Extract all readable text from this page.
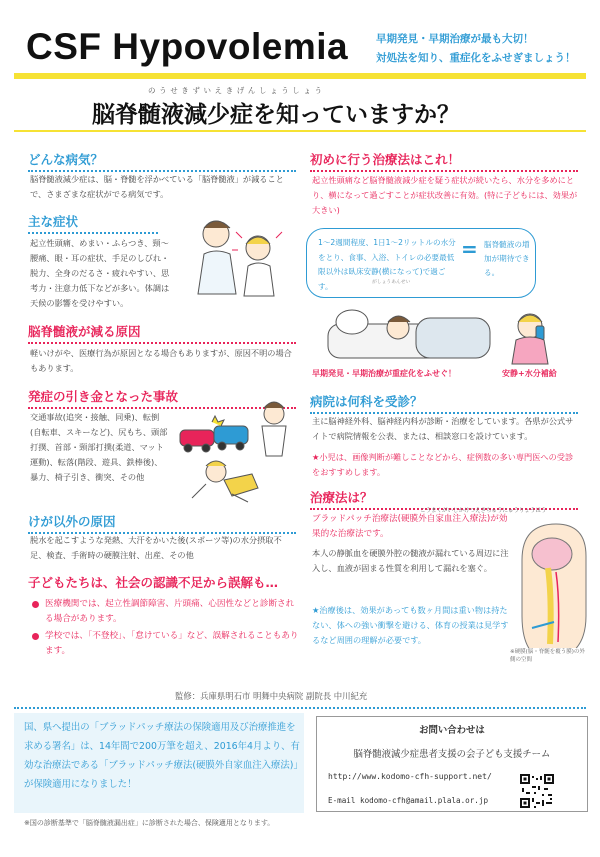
CSF Hypovolemia	早期発見・早期治療が最も大切！
対処法を知り、重症化をふせぎましょう！
のうせきずいえきげんしょうしょう
脳脊髄液減少症を知っていますか？
どんな病気？
脳脊髄液減少症は、脳・脊髄を浮かべている「脳脊髄液」が減ることで、さまざまな症状がでる病気です。
主な症状
起立性頭痛、めまい・ふらつき、頸～腰痛、眼・耳の症状、手足のしびれ・脱力、全身のだるさ・疲れやすい、思考力・注意力低下などが多い。体調は天候の影響を受けやすい。
脳脊髄液が減る原因
軽いけがや、医療行為が原因となる場合もありますが、原因不明の場合もあります。
発症の引き金となった事故
交通事故(追突・接触、同乗)、転倒(自転車、スキーなど)、尻もち、頭部打撲、首部・頸部打撲(柔道、マット運動)、転落(階段、遊具、鉄棒後)、暴力、椅子引き、衝突、その他
けが以外の原因
脱水を起こすような発熱、大汗をかいた後(スポーツ等)の水分摂取不足、検査、手術時の硬膜注射、出産、その他
子どもたちは、社会の認識不足から誤解も…
医療機関では、起立性調節障害、片頭痛、心因性などと診断される場合があります。
学校では、「不登校」、「怠けている」など、誤解されることもあります。
初めに行う治療法はこれ！
起立性頭痛など脳脊髄液減少症を疑う症状が続いたら、水分を多めにとり、横になって過ごすことが症状改善に有効。(特に子どもには、効果が大きい)
1～2週間程度、1日1～2リットルの水分をとり、食事、入浴、トイレの必要最低限以外は臥床安静(横になって)で過ごす。	がしょうあんせい
= 脳脊髄液の増加が期待できる。
早期発見・早期治療が重症化をふせぐ！	安静+水分補給
病院は何科を受診？
主に脳神経外科、脳神経内科が診断・治療をしています。各県が公式サイトで病院情報を公表、または、相談窓口を設けています。
★小児は、画像判断が難しことなどから、症例数の多い専門医への受診をおすすめします。
治療法は？
こうまくがいじかけつえきちゅうにゅうりょうほう
ブラッドパッチ治療法(硬膜外自家血注入療法)が効果的な治療法です。
本人の静脈血を硬膜外腔の髄液が漏れている周辺に注入し、血液が固まる性質を利用して漏れを塞ぐ。
★治療後は、効果があっても数ヶ月間は重い物は持たない、体への強い衝撃を避ける、体育の授業は見学するなど周囲の理解が必要です。
※硬膜(脳・脊髄を覆う膜)の外側の空間
監修：兵庫県明石市 明舞中央病院 副院長 中川紀充
国、県へ提出の「ブラッドパッチ療法の保険適用及び治療推進を求める署名」は、14年間で200万筆を超え、2016年4月より、有効な治療法である「ブラッドパッチ療法(硬膜外自家血注入療法)」が保険適用になりました！
※国の診断基準で「脳脊髄液漏出症」に診断された場合、保険適用となります。
お問い合わせは
脳脊髄液減少症患者支援の会子ども支援チーム
http://www.kodomo-cfh-support.net/
E-mail kodomo-cfh@amail.plala.or.jp
